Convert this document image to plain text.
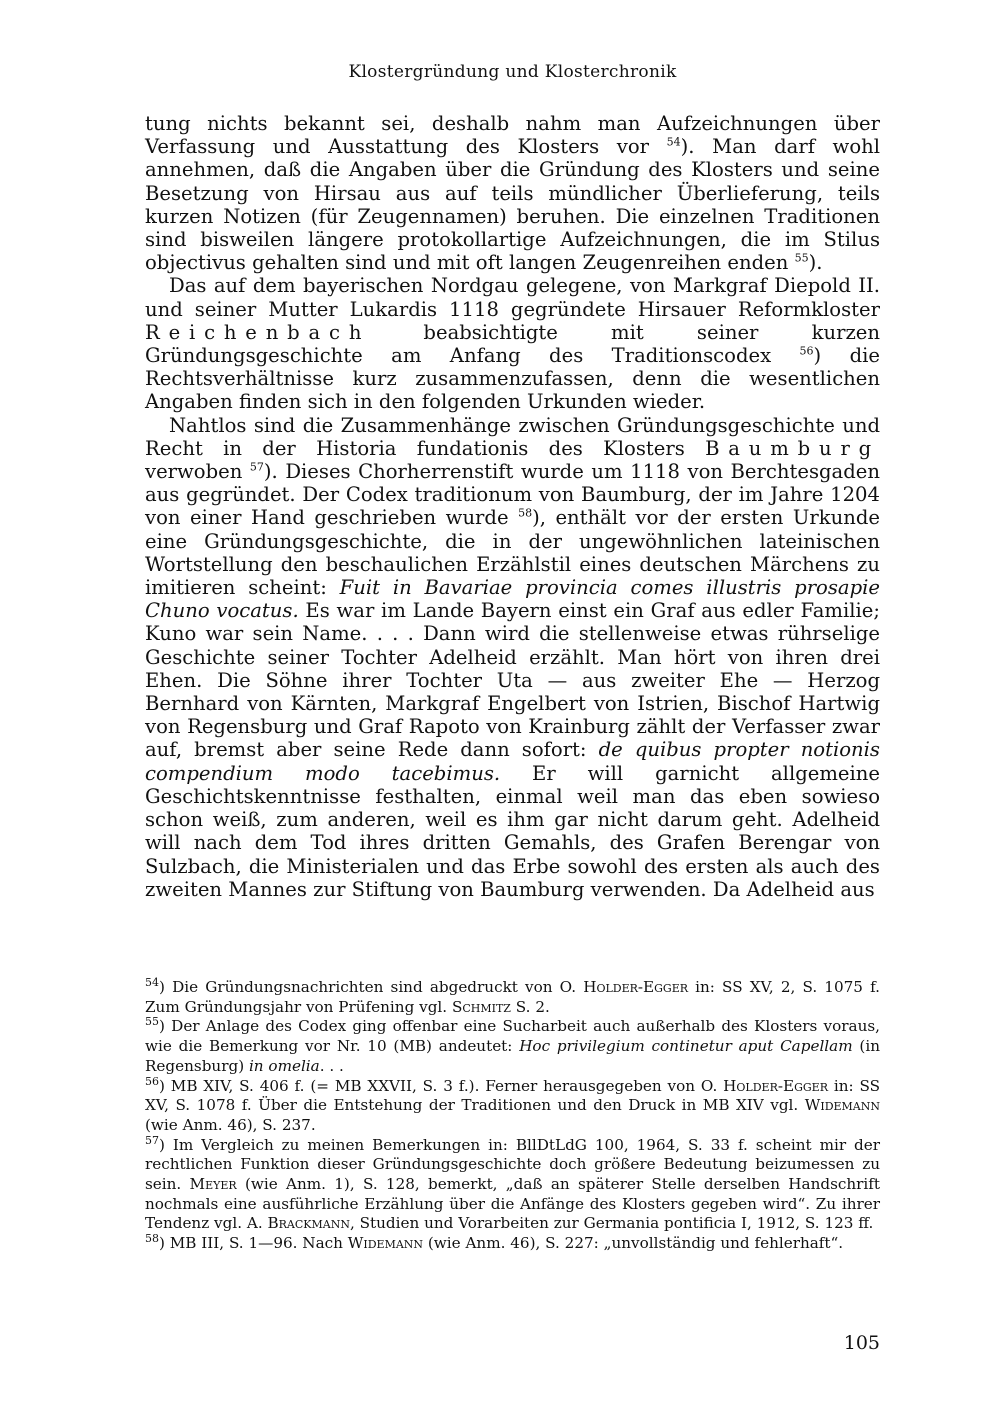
Klostergründung und Klosterchronik

tung nichts bekannt sei, deshalb nahm man Aufzeichnungen über Verfassung und Ausstattung des Klosters vor $^{54}$). Man darf wohl annehmen, daß die Angaben über die Gründung des Klosters und seine Besetzung von Hirsau aus auf teils mündlicher Überlieferung, teils kurzen Notizen (für Zeugennamen) beruhen. Die einzelnen Traditionen sind bisweilen längere protokollartige Aufzeichnungen, die im Stilus objectivus gehalten sind und mit oft langen Zeugenreihen enden $^{55}$).

Das auf dem bayerischen Nordgau gelegene, von Markgraf Diepold II. und seiner Mutter Lukardis 1118 gegründete Hirsauer Reformkloster Reichenbach beabsichtigte mit seiner kurzen Gründungsgeschichte am Anfang des Traditionscodex $^{56}$) die Rechtsverhältnisse kurz zusammenzufassen, denn die wesentlichen Angaben finden sich in den folgenden Urkunden wieder.

Nahtlos sind die Zusammenhänge zwischen Gründungsgeschichte und Recht in der Historia fundationis des Klosters Baumburg verwoben $^{57}$). Dieses Chorherrenstift wurde um 1118 von Berchtesgaden aus gegründet. Der Codex traditionum von Baumburg, der im Jahre 1204 von einer Hand geschrieben wurde $^{58}$), enthält vor der ersten Urkunde eine Gründungsgeschichte, die in der ungewöhnlichen lateinischen Wortstellung den beschaulichen Erzählstil eines deutschen Märchens zu imitieren scheint: Fuit in Bavariae provincia comes illustris prosapie Chuno vocatus. Es war im Lande Bayern einst ein Graf aus edler Familie; Kuno war sein Name. . . . Dann wird die stellenweise etwas rührselige Geschichte seiner Tochter Adelheid erzählt. Man hört von ihren drei Ehen. Die Söhne ihrer Tochter Uta — aus zweiter Ehe — Herzog Bernhard von Kärnten, Markgraf Engelbert von Istrien, Bischof Hartwig von Regensburg und Graf Rapoto von Krainburg zählt der Verfasser zwar auf, bremst aber seine Rede dann sofort: de quibus propter notionis compendium modo tacebimus. Er will garnicht allgemeine Geschichtskenntnisse festhalten, einmal weil man das eben sowieso schon weiß, zum anderen, weil es ihm gar nicht darum geht. Adelheid will nach dem Tod ihres dritten Gemahls, des Grafen Berengar von Sulzbach, die Ministerialen und das Erbe sowohl des ersten als auch des zweiten Mannes zur Stiftung von Baumburg verwenden. Da Adelheid aus

$^{54}$) Die Gründungsnachrichten sind abgedruckt von O. Holder-Egger in: SS XV, 2, S. 1075 f. Zum Gründungsjahr von Prüfening vgl. Schmitz S. 2.

$^{55}$) Der Anlage des Codex ging offenbar eine Sucharbeit auch außerhalb des Klosters voraus, wie die Bemerkung vor Nr. 10 (MB) andeutet: Hoc privilegium continetur aput Capellam (in Regensburg) in omelia. . .

$^{56}$) MB XIV, S. 406 f. (= MB XXVII, S. 3 f.). Ferner herausgegeben von O. Holder-Egger in: SS XV, S. 1078 f. Über die Entstehung der Traditionen und den Druck in MB XIV vgl. Widemann (wie Anm. 46), S. 237.

$^{57}$) Im Vergleich zu meinen Bemerkungen in: BllDtLdG 100, 1964, S. 33 f. scheint mir der rechtlichen Funktion dieser Gründungsgeschichte doch größere Bedeutung beizumessen zu sein. Meyer (wie Anm. 1), S. 128, bemerkt, „daß an späterer Stelle derselben Handschrift nochmals eine ausführliche Erzählung über die Anfänge des Klosters gegeben wird“. Zu ihrer Tendenz vgl. A. Brackmann, Studien und Vorarbeiten zur Germania pontificia I, 1912, S. 123 ff.

$^{58}$) MB III, S. 1—96. Nach Widemann (wie Anm. 46), S. 227: „unvollständig und fehlerhaft“.

105
